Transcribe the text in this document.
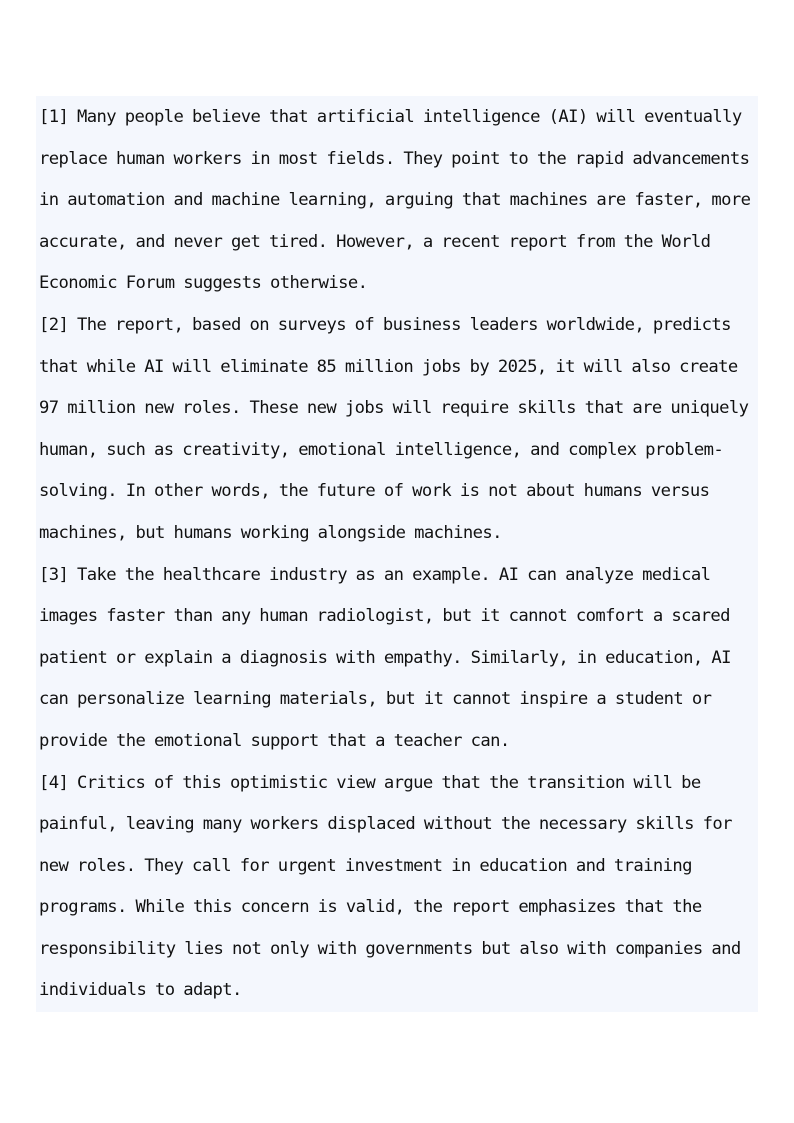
[1] Many people believe that artificial intelligence (AI) will eventually replace human workers in most fields. They point to the rapid advancements in automation and machine learning, arguing that machines are faster, more accurate, and never get tired. However, a recent report from the World Economic Forum suggests otherwise.

[2] The report, based on surveys of business leaders worldwide, predicts that while AI will eliminate 85 million jobs by 2025, it will also create 97 million new roles. These new jobs will require skills that are uniquely human, such as creativity, emotional intelligence, and complex problem-solving. In other words, the future of work is not about humans versus machines, but humans working alongside machines.

[3] Take the healthcare industry as an example. AI can analyze medical images faster than any human radiologist, but it cannot comfort a scared patient or explain a diagnosis with empathy. Similarly, in education, AI can personalize learning materials, but it cannot inspire a student or provide the emotional support that a teacher can.

[4] Critics of this optimistic view argue that the transition will be painful, leaving many workers displaced without the necessary skills for new roles. They call for urgent investment in education and training programs. While this concern is valid, the report emphasizes that the responsibility lies not only with governments but also with companies and individuals to adapt.
